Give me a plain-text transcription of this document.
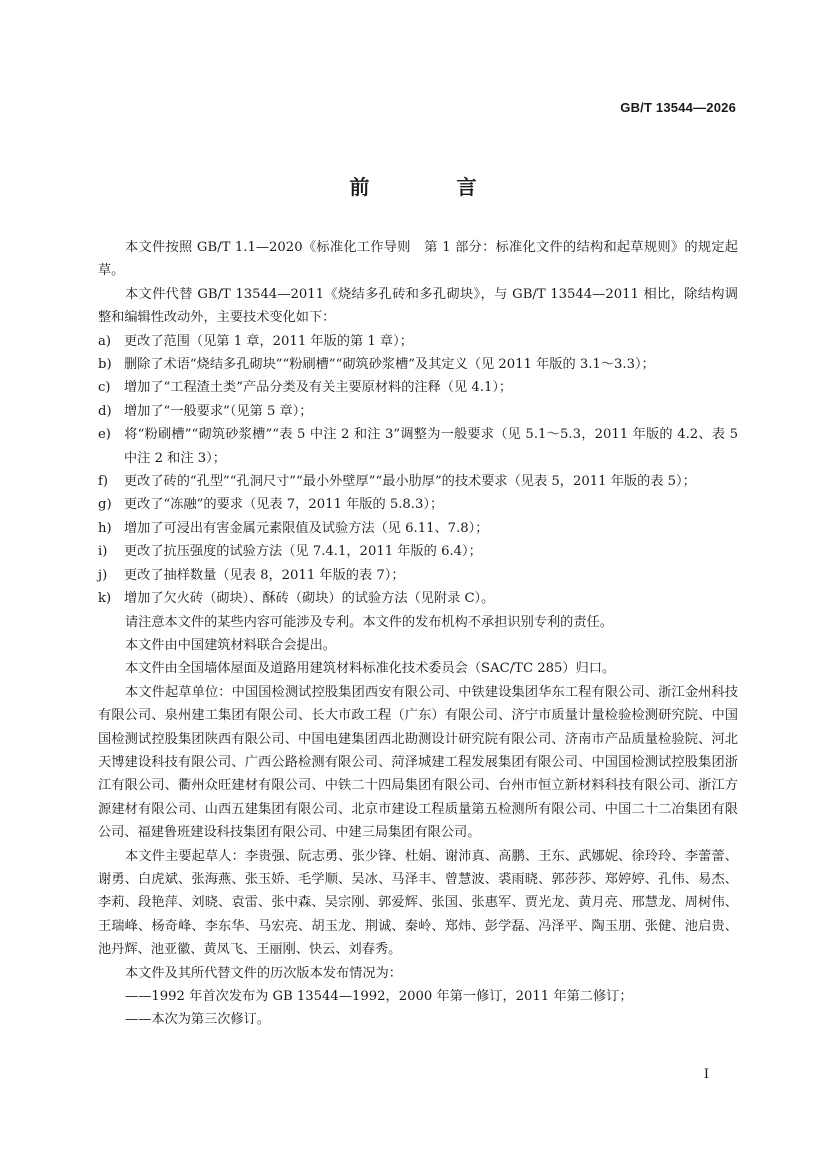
GB/T 13544—2026
前 言

本文件按照 GB/T 1.1—2020《标准化工作导则　第 1 部分：标准化文件的结构和起草规则》的规定起草。

本文件代替 GB/T 13544—2011《烧结多孔砖和多孔砌块》，与 GB/T 13544—2011 相比，除结构调整和编辑性改动外，主要技术变化如下：

a) 更改了范围（见第 1 章，2011 年版的第 1 章）；

b) 删除了术语“烧结多孔砌块”“粉刷槽”“砌筑砂浆槽”及其定义（见 2011 年版的 3.1～3.3）；

c) 增加了“工程渣土类”产品分类及有关主要原材料的注释（见 4.1）；

d) 增加了“一般要求”（见第 5 章）；

e) 将“粉刷槽”“砌筑砂浆槽”“表 5 中注 2 和注 3”调整为一般要求（见 5.1～5.3，2011 年版的 4.2、表 5 中注 2 和注 3）；

f) 更改了砖的“孔型”“孔洞尺寸”“最小外壁厚”“最小肋厚”的技术要求（见表 5，2011 年版的表 5）；

g) 更改了“冻融”的要求（见表 7，2011 年版的 5.8.3）；

h) 增加了可浸出有害金属元素限值及试验方法（见 6.11、7.8）；

i) 更改了抗压强度的试验方法（见 7.4.1，2011 年版的 6.4）；

j) 更改了抽样数量（见表 8，2011 年版的表 7）；

k) 增加了欠火砖（砌块）、酥砖（砌块）的试验方法（见附录 C）。

请注意本文件的某些内容可能涉及专利。本文件的发布机构不承担识别专利的责任。

本文件由中国建筑材料联合会提出。

本文件由全国墙体屋面及道路用建筑材料标准化技术委员会（SAC/TC 285）归口。

本文件起草单位：中国国检测试控股集团西安有限公司、中铁建设集团华东工程有限公司、浙江金州科技有限公司、泉州建工集团有限公司、长大市政工程（广东）有限公司、济宁市质量计量检验检测研究院、中国国检测试控股集团陕西有限公司、中国电建集团西北勘测设计研究院有限公司、济南市产品质量检验院、河北天博建设科技有限公司、广西公路检测有限公司、菏泽城建工程发展集团有限公司、中国国检测试控股集团浙江有限公司、衢州众旺建材有限公司、中铁二十四局集团有限公司、台州市恒立新材料科技有限公司、浙江方源建材有限公司、山西五建集团有限公司、北京市建设工程质量第五检测所有限公司、中国二十二冶集团有限公司、福建鲁班建设科技集团有限公司、中建三局集团有限公司。

本文件主要起草人：李贵强、阮志勇、张少锋、杜娟、谢沛真、高鹏、王东、武娜妮、徐玲玲、李蕾蕾、谢勇、白虎斌、张海燕、张玉娇、毛学顺、吴冰、马泽丰、曾慧波、裘雨晓、郭莎莎、郑婷婷、孔伟、易杰、李莉、段艳萍、刘晓、袁雷、张中森、吴宗刚、郭爱辉、张国、张惠军、贾光龙、黄月亮、邢慧龙、周树伟、王瑞峰、杨奇峰、李东华、马宏亮、胡玉龙、荆诚、秦岭、郑炜、彭学磊、冯泽平、陶玉朋、张健、池启贵、池丹辉、池亚徽、黄凤飞、王丽刚、快云、刘春秀。

本文件及其所代替文件的历次版本发布情况为：

——1992 年首次发布为 GB 13544—1992，2000 年第一修订，2011 年第二修订；

——本次为第三次修订。

I
